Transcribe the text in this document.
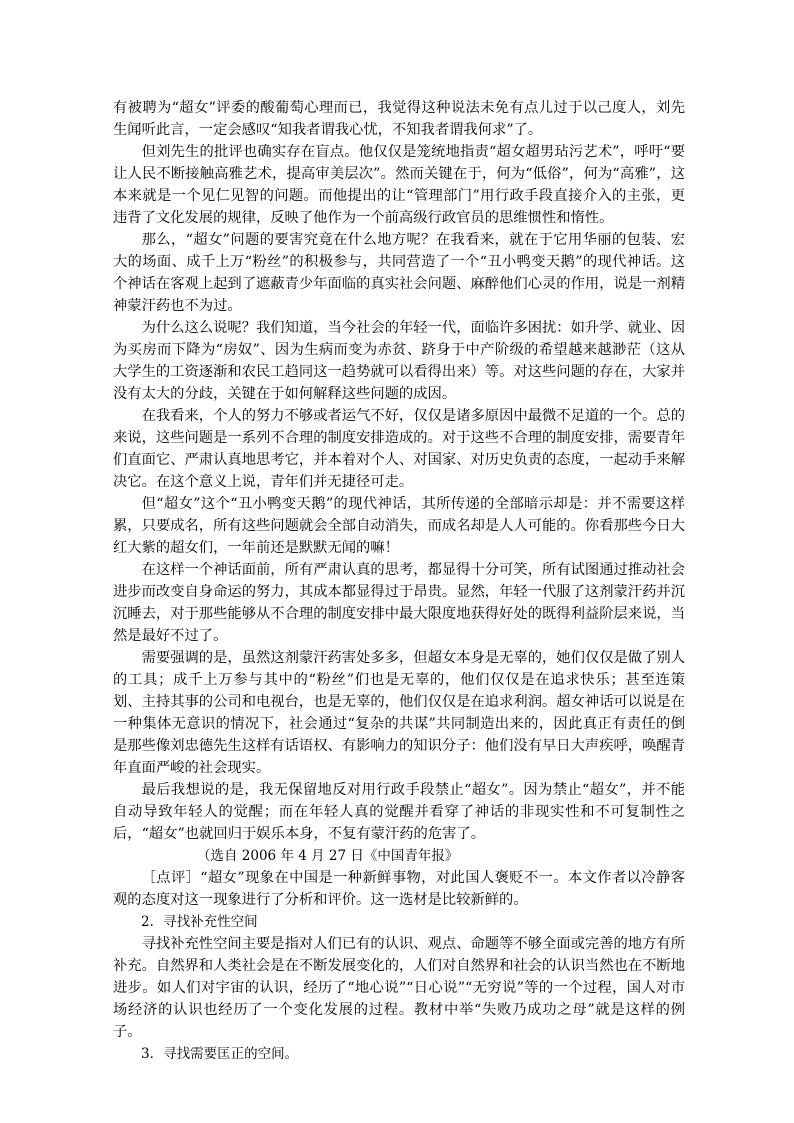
有被聘为“超女”评委的酸葡萄心理而已，我觉得这种说法未免有点儿过于以己度人，刘先生闻听此言，一定会感叹“知我者谓我心忧，不知我者谓我何求”了。

但刘先生的批评也确实存在盲点。他仅仅是笼统地指责“超女超男玷污艺术”，呼吁“要让人民不断接触高雅艺术，提高审美层次”。然而关键在于，何为“低俗”，何为“高雅”，这本来就是一个见仁见智的问题。而他提出的让“管理部门”用行政手段直接介入的主张，更违背了文化发展的规律，反映了他作为一个前高级行政官员的思维惯性和惰性。

那么，“超女”问题的要害究竟在什么地方呢？在我看来，就在于它用华丽的包装、宏大的场面、成千上万“粉丝”的积极参与，共同营造了一个“丑小鸭变天鹅”的现代神话。这个神话在客观上起到了遮蔽青少年面临的真实社会问题、麻醉他们心灵的作用，说是一剂精神蒙汗药也不为过。

为什么这么说呢？我们知道，当今社会的年轻一代，面临许多困扰：如升学、就业、因为买房而下降为“房奴”、因为生病而变为赤贫、跻身于中产阶级的希望越来越渺茫（这从大学生的工资逐渐和农民工趋同这一趋势就可以看得出来）等。对这些问题的存在，大家并没有太大的分歧，关键在于如何解释这些问题的成因。

在我看来，个人的努力不够或者运气不好，仅仅是诸多原因中最微不足道的一个。总的来说，这些问题是一系列不合理的制度安排造成的。对于这些不合理的制度安排，需要青年们直面它、严肃认真地思考它，并本着对个人、对国家、对历史负责的态度，一起动手来解决它。在这个意义上说，青年们并无捷径可走。

但“超女”这个“丑小鸭变天鹅”的现代神话，其所传递的全部暗示却是：并不需要这样累，只要成名，所有这些问题就会全部自动消失，而成名却是人人可能的。你看那些今日大红大紫的超女们，一年前还是默默无闻的嘛！

在这样一个神话面前，所有严肃认真的思考，都显得十分可笑，所有试图通过推动社会进步而改变自身命运的努力，其成本都显得过于昂贵。显然，年轻一代服了这剂蒙汗药并沉沉睡去，对于那些能够从不合理的制度安排中最大限度地获得好处的既得利益阶层来说，当然是最好不过了。

需要强调的是，虽然这剂蒙汗药害处多多，但超女本身是无辜的，她们仅仅是做了别人的工具；成千上万参与其中的“粉丝”们也是无辜的，他们仅仅是在追求快乐；甚至连策划、主持其事的公司和电视台，也是无辜的，他们仅仅是在追求利润。超女神话可以说是在一种集体无意识的情况下，社会通过“复杂的共谋”共同制造出来的，因此真正有责任的倒是那些像刘忠德先生这样有话语权、有影响力的知识分子：他们没有早日大声疾呼，唤醒青年直面严峻的社会现实。

最后我想说的是，我无保留地反对用行政手段禁止“超女”。因为禁止“超女”，并不能自动导致年轻人的觉醒；而在年轻人真的觉醒并看穿了神话的非现实性和不可复制性之后，“超女”也就回归于娱乐本身，不复有蒙汗药的危害了。

（选自 2006 年 4 月 27 日《中国青年报》

［点评］“超女”现象在中国是一种新鲜事物，对此国人褒贬不一。本文作者以冷静客观的态度对这一现象进行了分析和评价。这一选材是比较新鲜的。

2．寻找补充性空间

寻找补充性空间主要是指对人们已有的认识、观点、命题等不够全面或完善的地方有所补充。自然界和人类社会是在不断发展变化的，人们对自然界和社会的认识当然也在不断地进步。如人们对宇宙的认识，经历了“地心说”“日心说”“无穷说”等的一个过程，国人对市场经济的认识也经历了一个变化发展的过程。教材中举“失败乃成功之母”就是这样的例子。

3．寻找需要匡正的空间。
